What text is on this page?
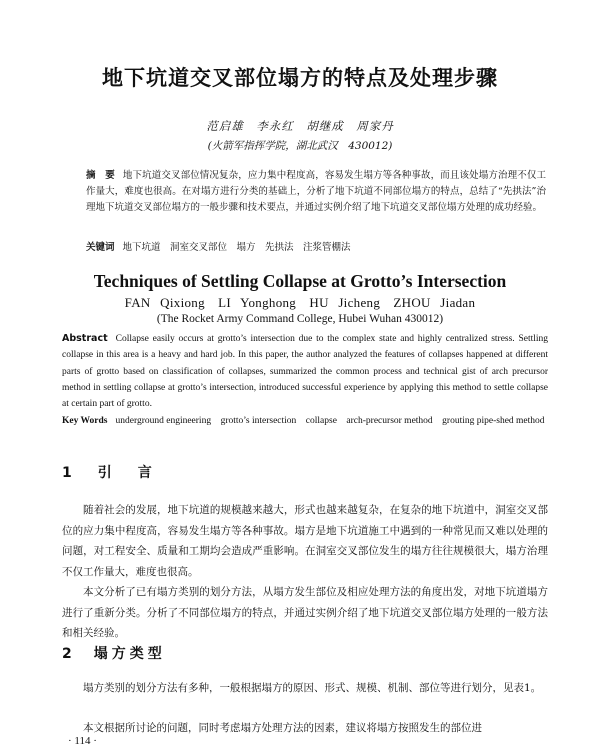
地下坑道交叉部位塌方的特点及处理步骤
范启雄　李永红　胡继成　周家丹
(火箭军指挥学院，湖北武汉　430012)
摘　要 地下坑道交叉部位情况复杂，应力集中程度高，容易发生塌方等各种事故，而且该处塌方治理不仅工作量大，难度也很高。在对塌方进行分类的基础上，分析了地下坑道不同部位塌方的特点，总结了“先拱法”治理地下坑道交叉部位塌方的一般步骤和技术要点，并通过实例介绍了地下坑道交叉部位塌方处理的成功经验。
关键词 地下坑道　洞室交叉部位　塌方　先拱法　注浆管棚法
Techniques of Settling Collapse at Grotto’s Intersection
FAN Qixiong　LI Yonghong　HU Jicheng　ZHOU Jiadan
(The Rocket Army Command College, Hubei Wuhan 430012)
Abstract Collapse easily occurs at grotto’s intersection due to the complex state and highly centralized stress. Settling collapse in this area is a heavy and hard job. In this paper, the author analyzed the features of collapses happened at different parts of grotto based on classification of collapses, summarized the common process and technical gist of arch precursor method in settling collapse at grotto’s intersection, introduced successful experience by applying this method to settle collapse at certain part of grotto.
Key Words underground engineering　grotto’s intersection　collapse　arch-precursor method　grouting pipe-shed method
1　引　言

随着社会的发展，地下坑道的规模越来越大，形式也越来越复杂，在复杂的地下坑道中，洞室交叉部位的应力集中程度高，容易发生塌方等各种事故。塌方是地下坑道施工中遇到的一种常见而又难以处理的问题，对工程安全、质量和工期均会造成严重影响。在洞室交叉部位发生的塌方往往规模很大，塌方治理不仅工作量大，难度也很高。

本文分析了已有塌方类别的划分方法，从塌方发生部位及相应处理方法的角度出发，对地下坑道塌方进行了重新分类。分析了不同部位塌方的特点，并通过实例介绍了地下坑道交叉部位塌方处理的一般方法和相关经验。

2　塌方类型

塌方类别的划分方法有多种，一般根据塌方的原因、形式、规模、机制、部位等进行划分，见表1。

本文根据所讨论的问题，同时考虑塌方处理方法的因素，建议将塌方按照发生的部位进

· 114 ·
